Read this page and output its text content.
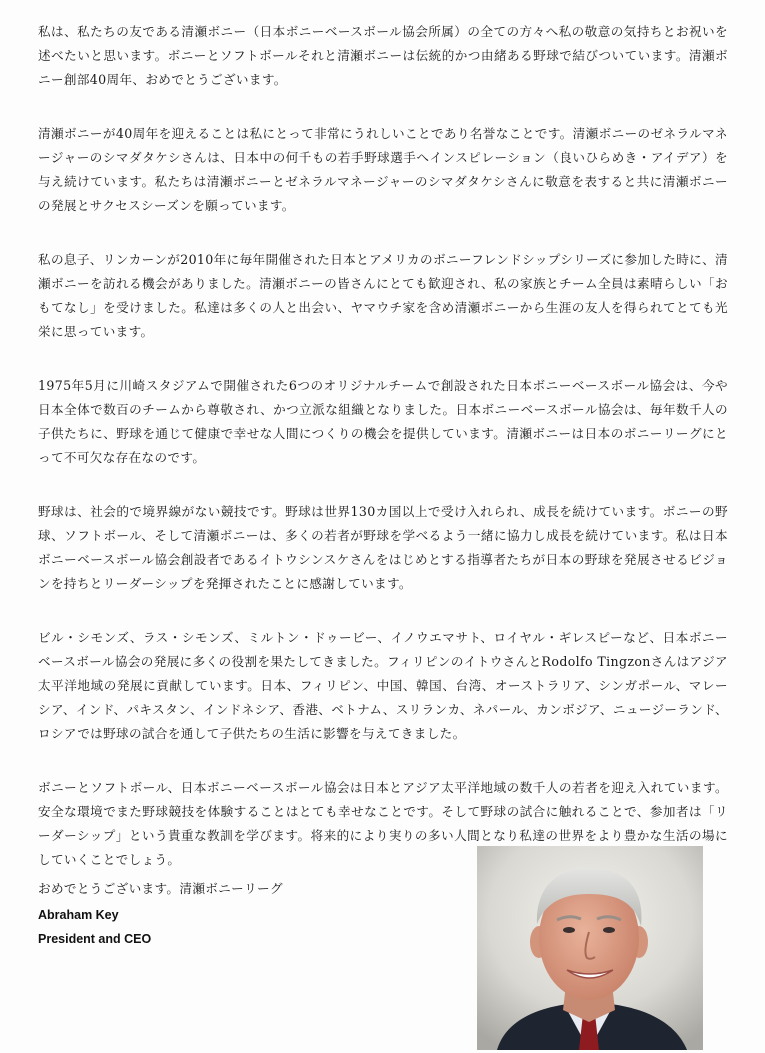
私は、私たちの友である清瀬ボニー（日本ボニーベースボール協会所属）の全ての方々へ私の敬意の気持ちとお祝いを述べたいと思います。ボニーとソフトボールそれと清瀬ボニーは伝統的かつ由緒ある野球で結びついています。清瀬ボニー創部40周年、おめでとうございます。

清瀬ボニーが40周年を迎えることは私にとって非常にうれしいことであり名誉なことです。清瀬ボニーのゼネラルマネージャーのシマダタケシさんは、日本中の何千もの若手野球選手へインスピレーション（良いひらめき・アイデア）を与え続けています。私たちは清瀬ボニーとゼネラルマネージャーのシマダタケシさんに敬意を表すると共に清瀬ボニーの発展とサクセスシーズンを願っています。

私の息子、リンカーンが2010年に毎年開催された日本とアメリカのボニーフレンドシップシリーズに参加した時に、清瀬ボニーを訪れる機会がありました。清瀬ボニーの皆さんにとても歓迎され、私の家族とチーム全員は素晴らしい「おもてなし」を受けました。私達は多くの人と出会い、ヤマウチ家を含め清瀬ボニーから生涯の友人を得られてとても光栄に思っています。

1975年5月に川崎スタジアムで開催された6つのオリジナルチームで創設された日本ボニーベースボール協会は、今や日本全体で数百のチームから尊敬され、かつ立派な組織となりました。日本ボニーベースボール協会は、毎年数千人の子供たちに、野球を通じて健康で幸せな人間につくりの機会を提供しています。清瀬ボニーは日本のボニーリーグにとって不可欠な存在なのです。

野球は、社会的で境界線がない競技です。野球は世界130カ国以上で受け入れられ、成長を続けています。ボニーの野球、ソフトボール、そして清瀬ボニーは、多くの若者が野球を学べるよう一緒に協力し成長を続けています。私は日本ボニーベースボール協会創設者であるイトウシンスケさんをはじめとする指導者たちが日本の野球を発展させるビジョンを持ちとリーダーシップを発揮されたことに感謝しています。

ビル・シモンズ、ラス・シモンズ、ミルトン・ドゥービー、イノウエマサト、ロイヤル・ギレスピーなど、日本ボニーベースボール協会の発展に多くの役割を果たしてきました。フィリピンのイトウさんとRodolfo Tingzonさんはアジア太平洋地域の発展に貢献しています。日本、フィリピン、中国、韓国、台湾、オーストラリア、シンガポール、マレーシア、インド、パキスタン、インドネシア、香港、ベトナム、スリランカ、ネパール、カンボジア、ニュージーランド、ロシアでは野球の試合を通して子供たちの生活に影響を与えてきました。

ボニーとソフトボール、日本ボニーベースボール協会は日本とアジア太平洋地域の数千人の若者を迎え入れています。安全な環境でまた野球競技を体験することはとても幸せなことです。そして野球の試合に触れることで、参加者は「リーダーシップ」という貴重な教訓を学びます。将来的により実りの多い人間となり私達の世界をより豊かな生活の場にしていくことでしょう。

おめでとうございます。清瀬ボニーリーグ

Abraham Key
President and CEO
